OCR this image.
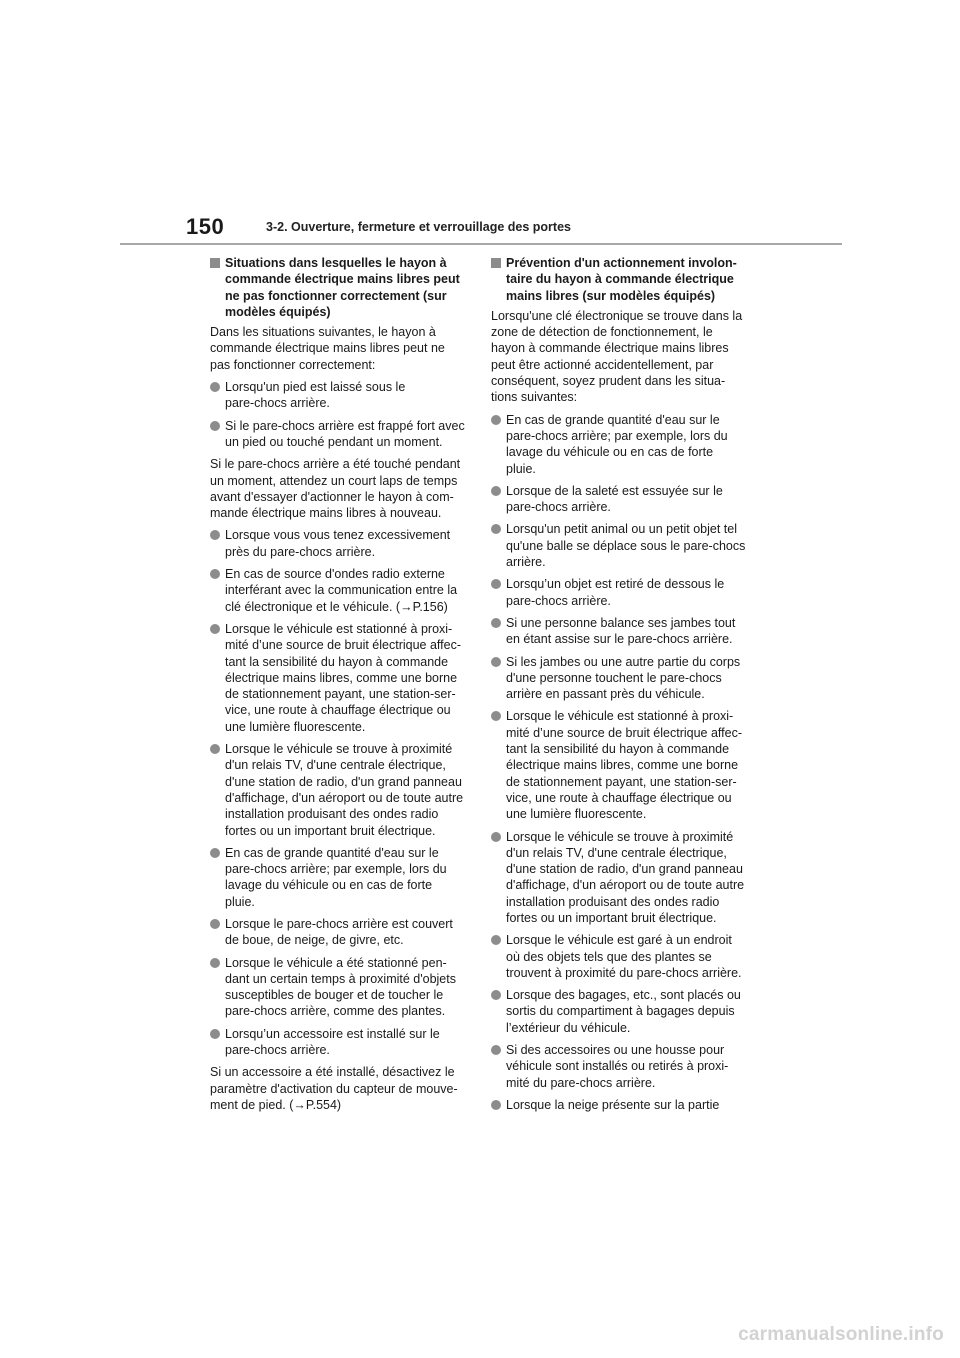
150	3-2. Ouverture, fermeture et verrouillage des portes
Situations dans lesquelles le hayon à
commande électrique mains libres peut
ne pas fonctionner correctement (sur
modèles équipés)
Dans les situations suivantes, le hayon à
commande électrique mains libres peut ne
pas fonctionner correctement:
Lorsqu'un pied est laissé sous le
pare-chocs arrière.
Si le pare-chocs arrière est frappé fort avec
un pied ou touché pendant un moment.
Si le pare-chocs arrière a été touché pendant
un moment, attendez un court laps de temps
avant d'essayer d'actionner le hayon à com-
mande électrique mains libres à nouveau.
Lorsque vous vous tenez excessivement
près du pare-chocs arrière.
En cas de source d'ondes radio externe
interférant avec la communication entre la
clé électronique et le véhicule. (→P.156)
Lorsque le véhicule est stationné à proxi-
mité d’une source de bruit électrique affec-
tant la sensibilité du hayon à commande
électrique mains libres, comme une borne
de stationnement payant, une station-ser-
vice, une route à chauffage électrique ou
une lumière fluorescente.
Lorsque le véhicule se trouve à proximité
d'un relais TV, d'une centrale électrique,
d'une station de radio, d'un grand panneau
d'affichage, d'un aéroport ou de toute autre
installation produisant des ondes radio
fortes ou un important bruit électrique.
En cas de grande quantité d'eau sur le
pare-chocs arrière; par exemple, lors du
lavage du véhicule ou en cas de forte
pluie.
Lorsque le pare-chocs arrière est couvert
de boue, de neige, de givre, etc.
Lorsque le véhicule a été stationné pen-
dant un certain temps à proximité d'objets
susceptibles de bouger et de toucher le
pare-chocs arrière, comme des plantes.
Lorsqu’un accessoire est installé sur le
pare-chocs arrière.
Si un accessoire a été installé, désactivez le
paramètre d'activation du capteur de mouve-
ment de pied. (→P.554)
Prévention d'un actionnement involon-
taire du hayon à commande électrique
mains libres (sur modèles équipés)
Lorsqu'une clé électronique se trouve dans la
zone de détection de fonctionnement, le
hayon à commande électrique mains libres
peut être actionné accidentellement, par
conséquent, soyez prudent dans les situa-
tions suivantes:
En cas de grande quantité d'eau sur le
pare-chocs arrière; par exemple, lors du
lavage du véhicule ou en cas de forte
pluie.
Lorsque de la saleté est essuyée sur le
pare-chocs arrière.
Lorsqu'un petit animal ou un petit objet tel
qu'une balle se déplace sous le pare-chocs
arrière.
Lorsqu’un objet est retiré de dessous le
pare-chocs arrière.
Si une personne balance ses jambes tout
en étant assise sur le pare-chocs arrière.
Si les jambes ou une autre partie du corps
d'une personne touchent le pare-chocs
arrière en passant près du véhicule.
Lorsque le véhicule est stationné à proxi-
mité d’une source de bruit électrique affec-
tant la sensibilité du hayon à commande
électrique mains libres, comme une borne
de stationnement payant, une station-ser-
vice, une route à chauffage électrique ou
une lumière fluorescente.
Lorsque le véhicule se trouve à proximité
d'un relais TV, d'une centrale électrique,
d'une station de radio, d'un grand panneau
d'affichage, d'un aéroport ou de toute autre
installation produisant des ondes radio
fortes ou un important bruit électrique.
Lorsque le véhicule est garé à un endroit
où des objets tels que des plantes se
trouvent à proximité du pare-chocs arrière.
Lorsque des bagages, etc., sont placés ou
sortis du compartiment à bagages depuis
l’extérieur du véhicule.
Si des accessoires ou une housse pour
véhicule sont installés ou retirés à proxi-
mité du pare-chocs arrière.
Lorsque la neige présente sur la partie
carmanualsonline.info
